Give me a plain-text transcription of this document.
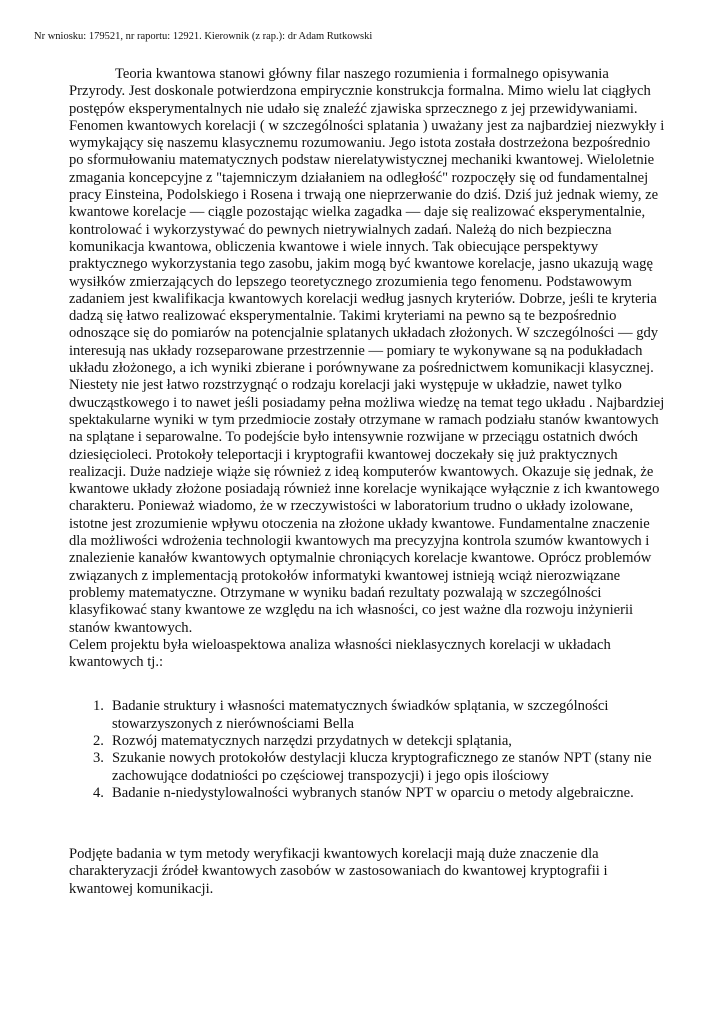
Nr wniosku: 179521, nr raportu: 12921. Kierownik (z rap.): dr Adam Rutkowski

Teoria kwantowa stanowi główny filar naszego rozumienia i formalnego opisywania Przyrody. Jest doskonale potwierdzona empirycznie konstrukcja formalna. Mimo wielu lat ciągłych postępów eksperymentalnych nie udało się znaleźć zjawiska sprzecznego z jej przewidywaniami. Fenomen kwantowych korelacji ( w szczególności splatania ) uważany jest za najbardziej niezwykły i wymykający się naszemu klasycznemu rozumowaniu. Jego istota została dostrzeżona bezpośrednio po sformułowaniu matematycznych podstaw nierelatywistycznej mechaniki kwantowej. Wieloletnie zmagania koncepcyjne z "tajemniczym działaniem na odległość" rozpoczęły się od fundamentalnej pracy Einsteina, Podolskiego i Rosena i trwają one nieprzerwanie do dziś. Dziś już jednak wiemy, ze kwantowe korelacje — ciągle pozostając wielka zagadka — daje się realizować eksperymentalnie, kontrolować i wykorzystywać do pewnych nietrywialnych zadań. Należą do nich bezpieczna komunikacja kwantowa, obliczenia kwantowe i wiele innych. Tak obiecujące perspektywy praktycznego wykorzystania tego zasobu, jakim mogą być kwantowe korelacje, jasno ukazują wagę wysiłków zmierzających do lepszego teoretycznego zrozumienia tego fenomenu. Podstawowym zadaniem jest kwalifikacja kwantowych korelacji według jasnych kryteriów. Dobrze, jeśli te kryteria dadzą się łatwo realizować eksperymentalnie. Takimi kryteriami na pewno są te bezpośrednio odnoszące się do pomiarów na potencjalnie splatanych układach złożonych. W szczególności — gdy interesują nas układy rozseparowane przestrzennie — pomiary te wykonywane są na podukładach układu złożonego, a ich wyniki zbierane i porównywane za pośrednictwem komunikacji klasycznej. Niestety nie jest łatwo rozstrzygnąć o rodzaju korelacji jaki występuje w układzie, nawet tylko dwucząstkowego i to nawet jeśli posiadamy pełna możliwa wiedzę na temat tego układu . Najbardziej spektakularne wyniki w tym przedmiocie zostały otrzymane w ramach podziału stanów kwantowych na splątane i separowalne. To podejście było intensywnie rozwijane w przeciągu ostatnich dwóch dziesięcioleci. Protokoły teleportacji i kryptografii kwantowej doczekały się już praktycznych realizacji. Duże nadzieje wiąże się również z ideą komputerów kwantowych. Okazuje się jednak, że kwantowe układy złożone posiadają również inne korelacje wynikające wyłącznie z ich kwantowego charakteru. Ponieważ wiadomo, że w rzeczywistości w laboratorium trudno o układy izolowane, istotne jest zrozumienie wpływu otoczenia na złożone układy kwantowe. Fundamentalne znaczenie dla możliwości wdrożenia technologii kwantowych ma precyzyjna kontrola szumów kwantowych i znalezienie kanałów kwantowych optymalnie chroniących korelacje kwantowe. Oprócz problemów związanych z implementacją protokołów informatyki kwantowej istnieją wciąż nierozwiązane problemy matematyczne. Otrzymane w wyniku badań rezultaty pozwalają w szczególności klasyfikować stany kwantowe ze względu na ich własności, co jest ważne dla rozwoju inżynierii stanów kwantowych.

Celem projektu była wieloaspektowa analiza własności nieklasycznych korelacji w układach kwantowych tj.:

1. Badanie struktury i własności matematycznych świadków splątania, w szczególności stowarzyszonych z nierównościami Bella
2. Rozwój matematycznych narzędzi przydatnych w detekcji splątania,
3. Szukanie nowych protokołów destylacji klucza kryptograficznego ze stanów NPT (stany nie zachowujące dodatniości po częściowej transpozycji) i jego opis ilościowy
4. Badanie n-niedystylowalności wybranych stanów NPT w oparciu o metody algebraiczne.

Podjęte badania w tym metody weryfikacji kwantowych korelacji mają duże znaczenie dla charakteryzacji źródeł kwantowych zasobów w zastosowaniach do kwantowej kryptografii i kwantowej komunikacji.
